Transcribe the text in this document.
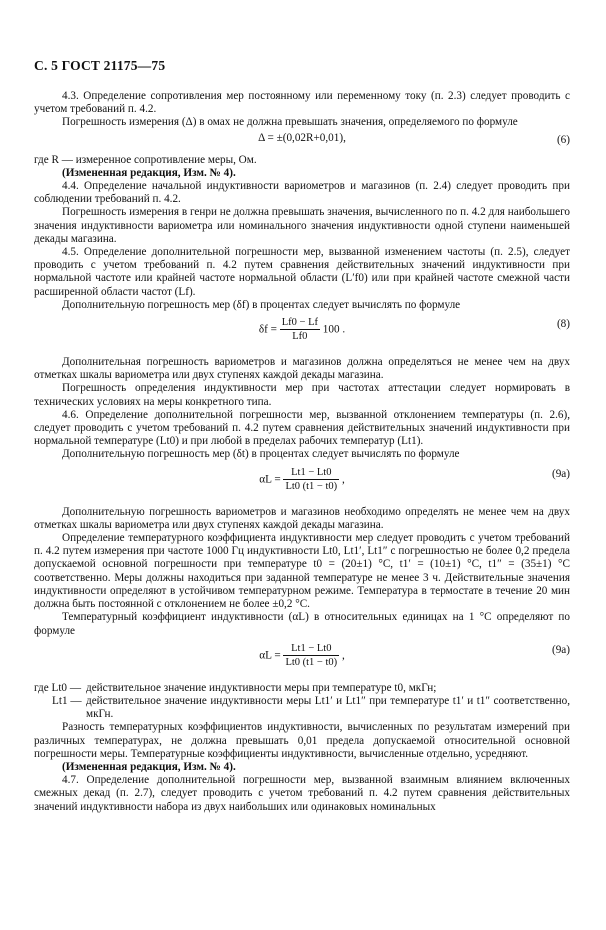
С. 5 ГОСТ 21175—75

4.3. Определение сопротивления мер постоянному или переменному току (п. 2.3) следует проводить с учетом требований п. 4.2.

Погрешность измерения (Δ) в омах не должна превышать значения, определяемого по формуле

Δ = ±(0,02R+0,01),	(6)

где R — измеренное сопротивление меры, Ом.

(Измененная редакция, Изм. № 4).

4.4. Определение начальной индуктивности вариометров и магазинов (п. 2.4) следует проводить при соблюдении требований п. 4.2.

Погрешность измерения в генри не должна превышать значения, вычисленного по п. 4.2 для наибольшего значения индуктивности вариометра или номинального значения индуктивности одной ступени наименьшей декады магазина.

4.5. Определение дополнительной погрешности мер, вызванной изменением частоты (п. 2.5), следует проводить с учетом требований п. 4.2 путем сравнения действительных значений индуктивности при нормальной частоте или крайней частоте нормальной области (L′f0) или при крайней частоте смежной части расширенной области частот (Lf).

Дополнительную погрешность мер (δf) в процентах следует вычислять по формуле

$\delta f = \frac{Lf0 - Lf}{Lf0} 100$ .	(8)

Дополнительная погрешность вариометров и магазинов должна определяться не менее чем на двух отметках шкалы вариометра или двух ступенях каждой декады магазина.

Погрешность определения индуктивности мер при частотах аттестации следует нормировать в технических условиях на меры конкретного типа.

4.6. Определение дополнительной погрешности мер, вызванной отклонением температуры (п. 2.6), следует проводить с учетом требований п. 4.2 путем сравнения действительных значений индуктивности при нормальной температуре (Lt0) и при любой в пределах рабочих температур (Lt1).

Дополнительную погрешность мер (δt) в процентах следует вычислять по формуле

$\alpha L = \frac{Lt1 - Lt0}{Lt0 (t1 - t0)}$ ,	(9а)

Дополнительную погрешность вариометров и магазинов необходимо определять не менее чем на двух отметках шкалы вариометра или двух ступенях каждой декады магазина.

Определение температурного коэффициента индуктивности мер следует проводить с учетом требований п. 4.2 путем измерения при частоте 1000 Гц индуктивности Lt0, Lt1′, Lt1″ с погрешностью не более 0,2 предела допускаемой основной погрешности при температуре t0 = (20±1) °С, t1′ = (10±1) °С, t1″ = (35±1) °С соответственно. Меры должны находиться при заданной температуре не менее 3 ч. Действительные значения индуктивности определяют в устойчивом температурном режиме. Температура в термостате в течение 20 мин должна быть постоянной с отклонением не более ±0,2 °С.

Температурный коэффициент индуктивности (αL) в относительных единицах на 1 °С определяют по формуле

$\alpha L = \frac{Lt1 - Lt0}{Lt0 (t1 - t0)}$ ,	(9а)
где Lt0 — действительное значение индуктивности меры при температуре t0, мкГн;

Lt1 — действительное значение индуктивности меры Lt1′ и Lt1″ при температуре t1′ и t1″ соответственно, мкГн.

Разность температурных коэффициентов индуктивности, вычисленных по результатам измерений при различных температурах, не должна превышать 0,01 предела допускаемой относительной основной погрешности меры. Температурные коэффициенты индуктивности, вычисленные отдельно, усредняют.

(Измененная редакция, Изм. № 4).

4.7. Определение дополнительной погрешности мер, вызванной взаимным влиянием включенных смежных декад (п. 2.7), следует проводить с учетом требований п. 4.2 путем сравнения действительных значений индуктивности набора из двух наибольших или одинаковых номинальных
